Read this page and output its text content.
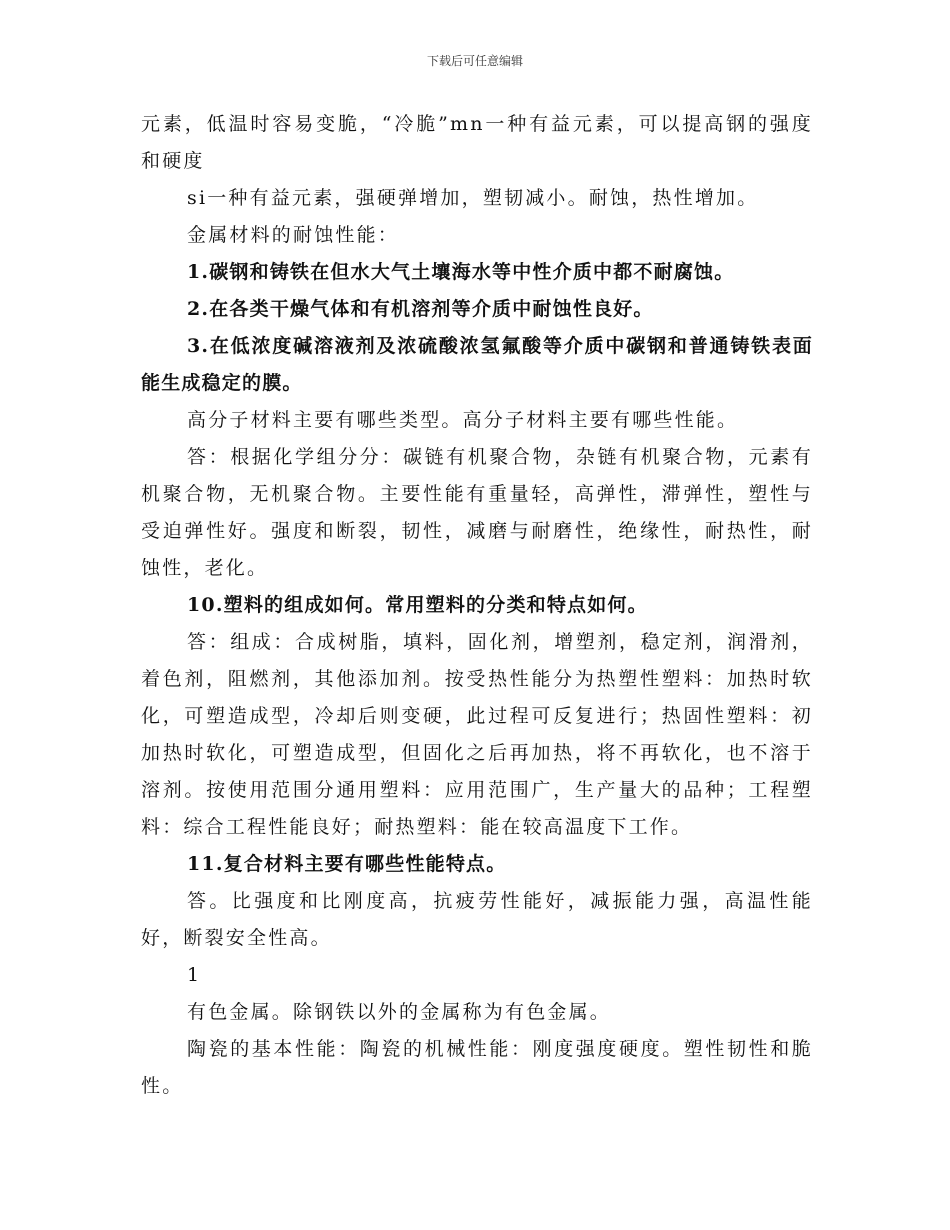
下载后可任意编辑

元素，低温时容易变脆，“冷脆”mn一种有益元素，可以提高钢的强度和硬度

si一种有益元素，强硬弹增加，塑韧减小。耐蚀，热性增加。

金属材料的耐蚀性能：

1.碳钢和铸铁在但水大气土壤海水等中性介质中都不耐腐蚀。

2.在各类干燥气体和有机溶剂等介质中耐蚀性良好。

3.在低浓度碱溶液剂及浓硫酸浓氢氟酸等介质中碳钢和普通铸铁表面能生成稳定的膜。

高分子材料主要有哪些类型。高分子材料主要有哪些性能。

答：根据化学组分分：碳链有机聚合物，杂链有机聚合物，元素有机聚合物，无机聚合物。主要性能有重量轻，高弹性，滞弹性，塑性与受迫弹性好。强度和断裂，韧性，减磨与耐磨性，绝缘性，耐热性，耐蚀性，老化。

10.塑料的组成如何。常用塑料的分类和特点如何。

答：组成：合成树脂，填料，固化剂，增塑剂，稳定剂，润滑剂，着色剂，阻燃剂，其他添加剂。按受热性能分为热塑性塑料：加热时软化，可塑造成型，冷却后则变硬，此过程可反复进行；热固性塑料：初加热时软化，可塑造成型，但固化之后再加热，将不再软化，也不溶于溶剂。按使用范围分通用塑料：应用范围广，生产量大的品种；工程塑料：综合工程性能良好；耐热塑料：能在较高温度下工作。

11.复合材料主要有哪些性能特点。

答。比强度和比刚度高，抗疲劳性能好，减振能力强，高温性能好，断裂安全性高。

1

有色金属。除钢铁以外的金属称为有色金属。

陶瓷的基本性能：陶瓷的机械性能：刚度强度硬度。塑性韧性和脆性。
